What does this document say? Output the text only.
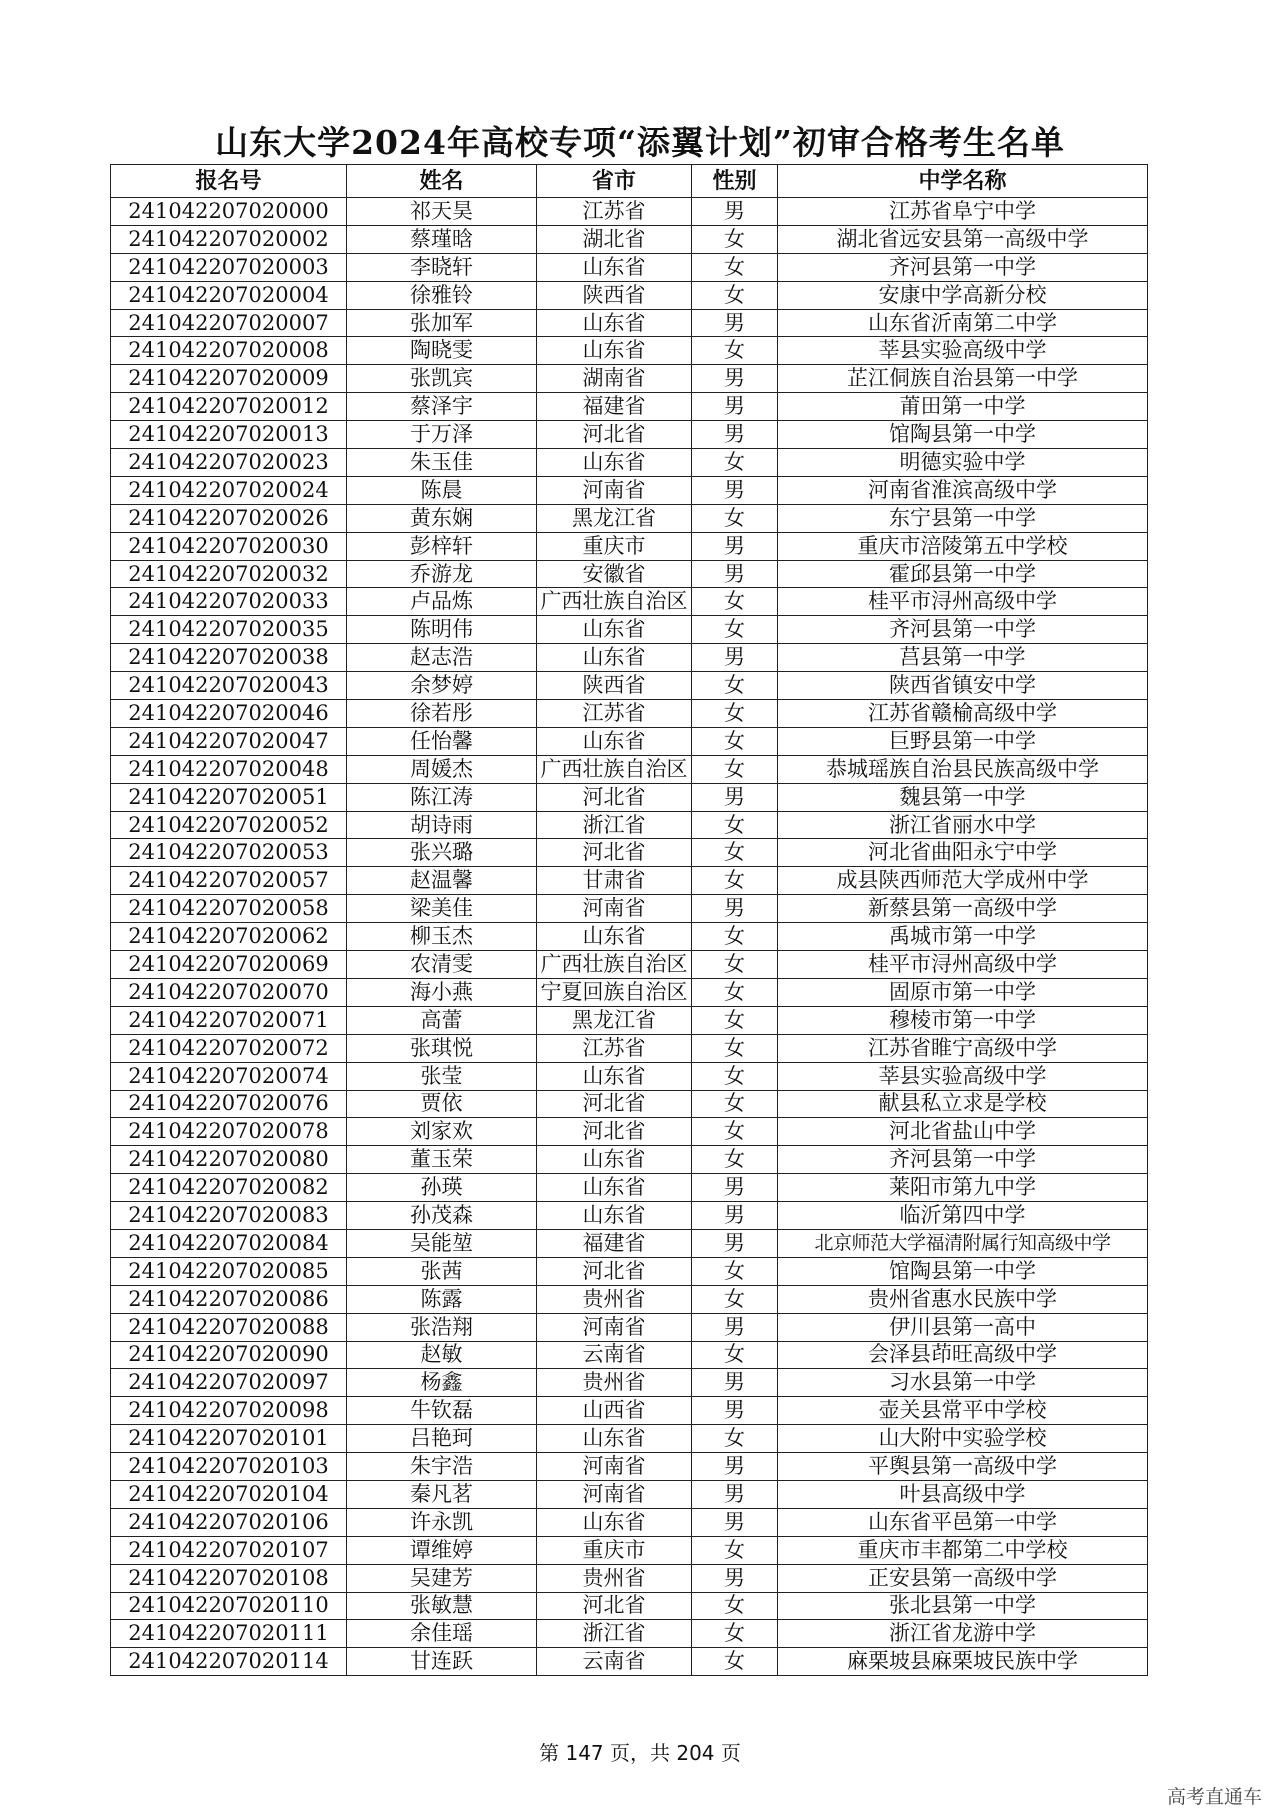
山东大学2024年高校专项“添翼计划”初审合格考生名单
报名号	姓名	省市	性别	中学名称
241042207020000	祁天昊	江苏省	男	江苏省阜宁中学
241042207020002	蔡瑾晗	湖北省	女	湖北省远安县第一高级中学
241042207020003	李晓轩	山东省	女	齐河县第一中学
241042207020004	徐雅铃	陕西省	女	安康中学高新分校
241042207020007	张加军	山东省	男	山东省沂南第二中学
241042207020008	陶晓雯	山东省	女	莘县实验高级中学
241042207020009	张凯宾	湖南省	男	芷江侗族自治县第一中学
241042207020012	蔡泽宇	福建省	男	莆田第一中学
241042207020013	于万泽	河北省	男	馆陶县第一中学
241042207020023	朱玉佳	山东省	女	明德实验中学
241042207020024	陈晨	河南省	男	河南省淮滨高级中学
241042207020026	黄东娴	黑龙江省	女	东宁县第一中学
241042207020030	彭梓轩	重庆市	男	重庆市涪陵第五中学校
241042207020032	乔游龙	安徽省	男	霍邱县第一中学
241042207020033	卢品炼	广西壮族自治区	女	桂平市浔州高级中学
241042207020035	陈明伟	山东省	女	齐河县第一中学
241042207020038	赵志浩	山东省	男	莒县第一中学
241042207020043	余梦婷	陕西省	女	陕西省镇安中学
241042207020046	徐若彤	江苏省	女	江苏省赣榆高级中学
241042207020047	任怡馨	山东省	女	巨野县第一中学
241042207020048	周媛杰	广西壮族自治区	女	恭城瑶族自治县民族高级中学
241042207020051	陈江涛	河北省	男	魏县第一中学
241042207020052	胡诗雨	浙江省	女	浙江省丽水中学
241042207020053	张兴璐	河北省	女	河北省曲阳永宁中学
241042207020057	赵温馨	甘肃省	女	成县陕西师范大学成州中学
241042207020058	梁美佳	河南省	男	新蔡县第一高级中学
241042207020062	柳玉杰	山东省	女	禹城市第一中学
241042207020069	农清雯	广西壮族自治区	女	桂平市浔州高级中学
241042207020070	海小燕	宁夏回族自治区	女	固原市第一中学
241042207020071	高蕾	黑龙江省	女	穆棱市第一中学
241042207020072	张琪悦	江苏省	女	江苏省睢宁高级中学
241042207020074	张莹	山东省	女	莘县实验高级中学
241042207020076	贾依	河北省	女	献县私立求是学校
241042207020078	刘家欢	河北省	女	河北省盐山中学
241042207020080	董玉荣	山东省	女	齐河县第一中学
241042207020082	孙瑛	山东省	男	莱阳市第九中学
241042207020083	孙茂森	山东省	男	临沂第四中学
241042207020084	吴能堃	福建省	男	北京师范大学福清附属行知高级中学
241042207020085	张茜	河北省	女	馆陶县第一中学
241042207020086	陈露	贵州省	女	贵州省惠水民族中学
241042207020088	张浩翔	河南省	男	伊川县第一高中
241042207020090	赵敏	云南省	女	会泽县茚旺高级中学
241042207020097	杨鑫	贵州省	男	习水县第一中学
241042207020098	牛钦磊	山西省	男	壶关县常平中学校
241042207020101	吕艳珂	山东省	女	山大附中实验学校
241042207020103	朱宇浩	河南省	男	平舆县第一高级中学
241042207020104	秦凡茗	河南省	男	叶县高级中学
241042207020106	许永凯	山东省	男	山东省平邑第一中学
241042207020107	谭维婷	重庆市	女	重庆市丰都第二中学校
241042207020108	吴建芳	贵州省	男	正安县第一高级中学
241042207020110	张敏慧	河北省	女	张北县第一中学
241042207020111	余佳瑶	浙江省	女	浙江省龙游中学
241042207020114	甘连跃	云南省	女	麻栗坡县麻栗坡民族中学
第 147 页，共 204 页
高考直通车
